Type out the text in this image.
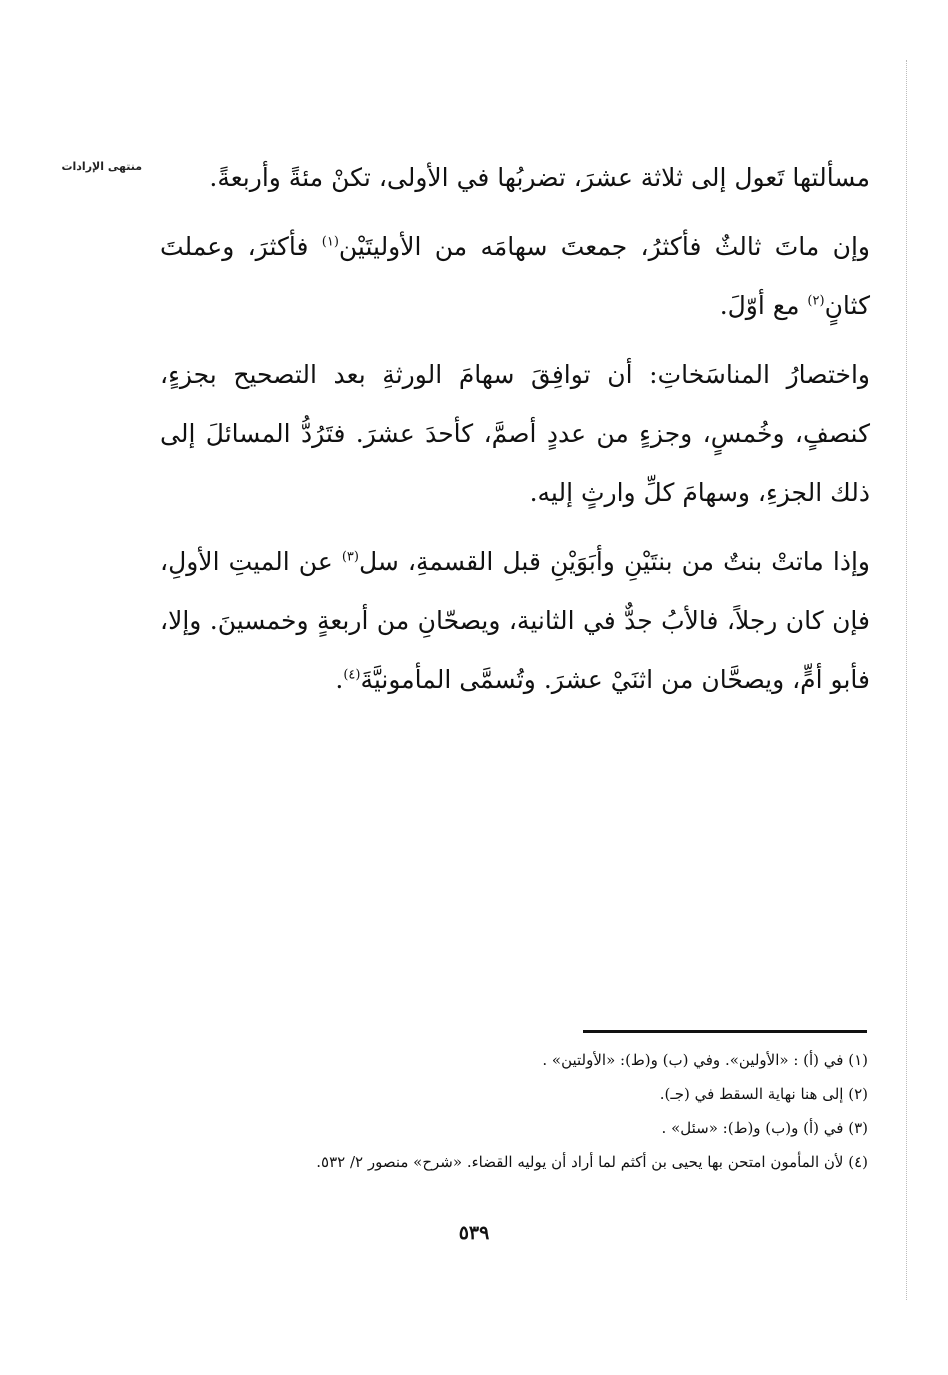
منتهى الإرادات	مسألتها تَعول إلى ثلاثة عشرَ، تضربُها في الأولى، تكنْ مئةً وأربعةً.

وإن ماتَ ثالثٌ فأكثرُ، جمعتَ سهامَه من الأوليتَيْن$^{(١)}$ فأكثرَ، وعملتَ كثانٍ$^{(٢)}$ مع أوّلَ.

واختصارُ المناسَخاتِ: أن توافِقَ سهامَ الورثةِ بعد التصحيح بجزءٍ، كنصفٍ، وخُمسٍ، وجزءٍ من عددٍ أصمَّ، كأحدَ عشرَ. فتَرُدُّ المسائلَ إلى ذلك الجزءِ، وسهامَ كلِّ وارثٍ إليه.

وإذا ماتتْ بنتٌ من بنتَيْنِ وأبَوَيْنِ قبل القسمةِ، سل$^{(٣)}$ عن الميتِ الأولِ، فإن كان رجلاً، فالأبُ جدٌّ في الثانية، ويصحّانِ من أربعةٍ وخمسينَ. وإلا، فأبو أمٍّ، ويصحَّان من اثنَيْ عشرَ. وتُسمَّى المأمونيَّةَ$^{(٤)}$.

(١) في (أ) : «الأولين». وفي (ب) و(ط): «الأولتين» .

(٢) إلى هنا نهاية السقط في (جـ).

(٣) في (أ) و(ب) و(ط): «سئل» .

(٤) لأن المأمون امتحن بها يحيى بن أكثم لما أراد أن يوليه القضاء. «شرح» منصور ٢/ ٥٣٢.

٥٣٩
